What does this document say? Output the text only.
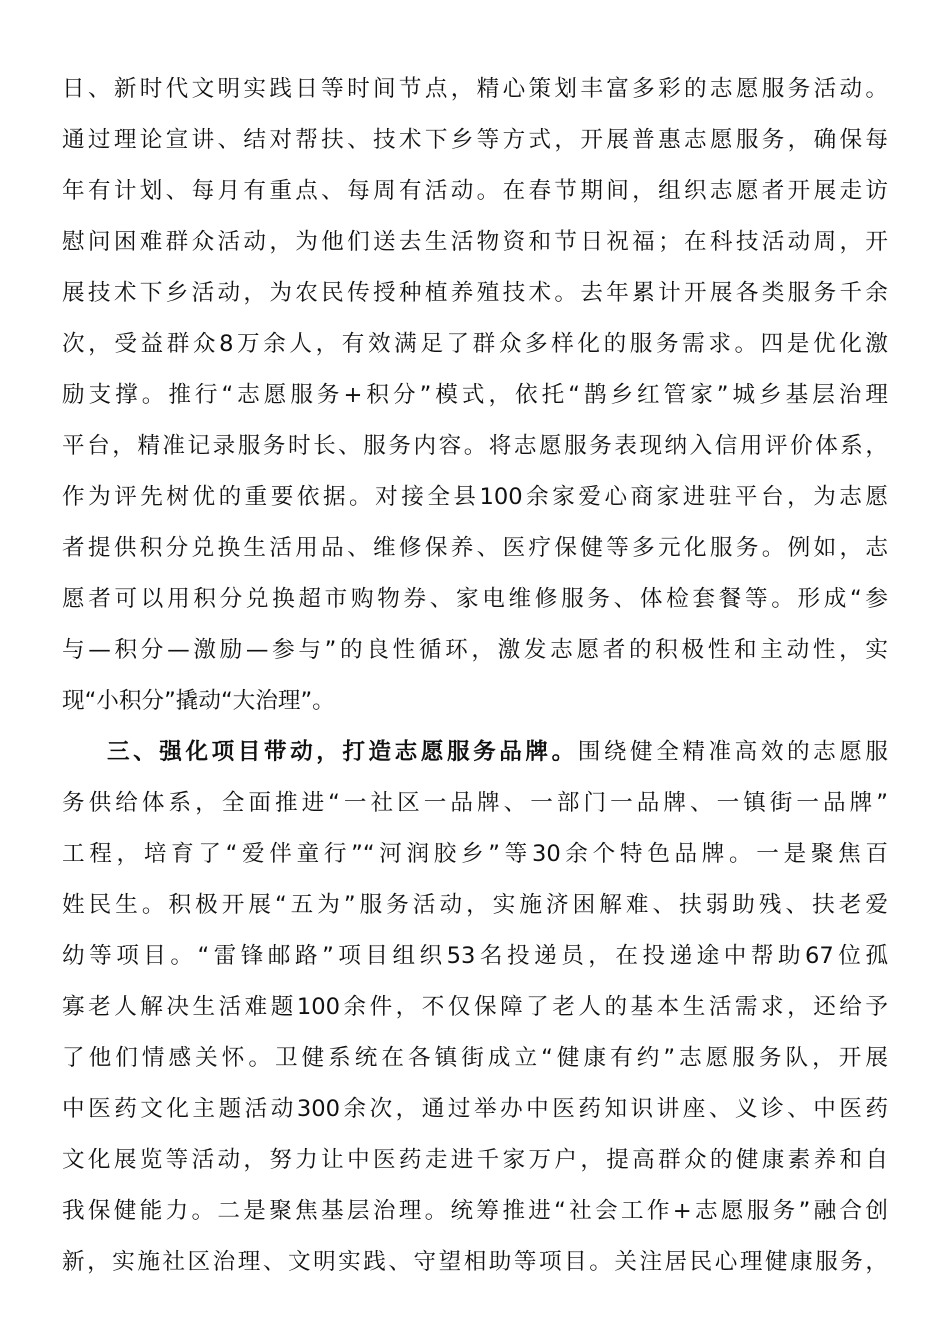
日、新时代文明实践日等时间节点，精心策划丰富多彩的志愿服务活动。
通过理论宣讲、结对帮扶、技术下乡等方式，开展普惠志愿服务，确保每
年有计划、每月有重点、每周有活动。在春节期间，组织志愿者开展走访
慰问困难群众活动，为他们送去生活物资和节日祝福；在科技活动周，开
展技术下乡活动，为农民传授种植养殖技术。去年累计开展各类服务千余
次，受益群众8万余人，有效满足了群众多样化的服务需求。四是优化激
励支撑。推行“志愿服务+积分”模式，依托“鹊乡红管家”城乡基层治理
平台，精准记录服务时长、服务内容。将志愿服务表现纳入信用评价体系，
作为评先树优的重要依据。对接全县100余家爱心商家进驻平台，为志愿
者提供积分兑换生活用品、维修保养、医疗保健等多元化服务。例如，志
愿者可以用积分兑换超市购物券、家电维修服务、体检套餐等。形成“参
与—积分—激励—参与”的良性循环，激发志愿者的积极性和主动性，实
现“小积分”撬动“大治理”。
三、强化项目带动，打造志愿服务品牌。围绕健全精准高效的志愿服
务供给体系，全面推进“一社区一品牌、一部门一品牌、一镇街一品牌”
工程，培育了“爱伴童行”“河润胶乡”等30余个特色品牌。一是聚焦百
姓民生。积极开展“五为”服务活动，实施济困解难、扶弱助残、扶老爱
幼等项目。“雷锋邮路”项目组织53名投递员，在投递途中帮助67位孤
寡老人解决生活难题100余件，不仅保障了老人的基本生活需求，还给予
了他们情感关怀。卫健系统在各镇街成立“健康有约”志愿服务队，开展
中医药文化主题活动300余次，通过举办中医药知识讲座、义诊、中医药
文化展览等活动，努力让中医药走进千家万户，提高群众的健康素养和自
我保健能力。二是聚焦基层治理。统筹推进“社会工作+志愿服务”融合创
新，实施社区治理、文明实践、守望相助等项目。关注居民心理健康服务，
